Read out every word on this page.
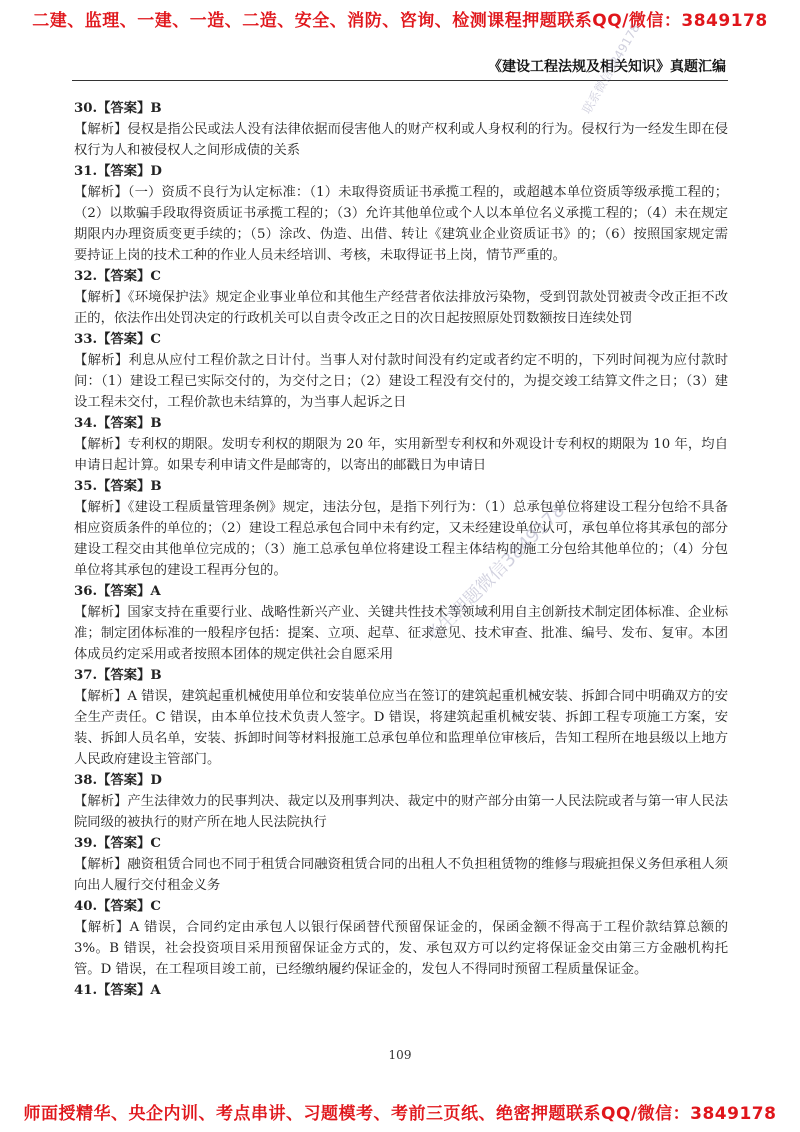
二建、监理、一建、一造、二造、安全、消防、咨询、检测课程押题联系QQ/微信：3849178
《建设工程法规及相关知识》真题汇编

30.【答案】B

【解析】侵权是指公民或法人没有法律依据而侵害他人的财产权利或人身权利的行为。侵权行为一经发生即在侵权行为人和被侵权人之间形成债的关系

31.【答案】D

【解析】（一）资质不良行为认定标准：（1）未取得资质证书承揽工程的，或超越本单位资质等级承揽工程的；（2）以欺骗手段取得资质证书承揽工程的；（3）允许其他单位或个人以本单位名义承揽工程的；（4）未在规定期限内办理资质变更手续的；（5）涂改、伪造、出借、转让《建筑业企业资质证书》的；（6）按照国家规定需要持证上岗的技术工种的作业人员未经培训、考核，未取得证书上岗，情节严重的。

32.【答案】C

【解析】《环境保护法》规定企业事业单位和其他生产经营者依法排放污染物，受到罚款处罚被责令改正拒不改正的，依法作出处罚决定的行政机关可以自责令改正之日的次日起按照原处罚数额按日连续处罚

33.【答案】C

【解析】利息从应付工程价款之日计付。当事人对付款时间没有约定或者约定不明的，下列时间视为应付款时间：（1）建设工程已实际交付的，为交付之日；（2）建设工程没有交付的，为提交竣工结算文件之日；（3）建设工程未交付，工程价款也未结算的，为当事人起诉之日

34.【答案】B

【解析】专利权的期限。发明专利权的期限为 20 年，实用新型专利权和外观设计专利权的期限为 10 年，均自申请日起计算。如果专利申请文件是邮寄的，以寄出的邮戳日为申请日

35.【答案】B

【解析】《建设工程质量管理条例》规定，违法分包，是指下列行为：（1）总承包单位将建设工程分包给不具备相应资质条件的单位的；（2）建设工程总承包合同中未有约定，又未经建设单位认可，承包单位将其承包的部分建设工程交由其他单位完成的；（3）施工总承包单位将建设工程主体结构的施工分包给其他单位的；（4）分包单位将其承包的建设工程再分包的。

36.【答案】A

【解析】国家支持在重要行业、战略性新兴产业、关键共性技术等领域利用自主创新技术制定团体标准、企业标准；制定团体标准的一般程序包括：提案、立项、起草、征求意见、技术审查、批准、编号、发布、复审。本团体成员约定采用或者按照本团体的规定供社会自愿采用

37.【答案】B

【解析】A 错误，建筑起重机械使用单位和安装单位应当在签订的建筑起重机械安装、拆卸合同中明确双方的安全生产责任。C 错误，由本单位技术负责人签字。D 错误，将建筑起重机械安装、拆卸工程专项施工方案，安装、拆卸人员名单，安装、拆卸时间等材料报施工总承包单位和监理单位审核后，告知工程所在地县级以上地方人民政府建设主管部门。

38.【答案】D

【解析】产生法律效力的民事判决、裁定以及刑事判决、裁定中的财产部分由第一人民法院或者与第一审人民法院同级的被执行的财产所在地人民法院执行

39.【答案】C

【解析】融资租赁合同也不同于租赁合同融资租赁合同的出租人不负担租赁物的维修与瑕疵担保义务但承租人须向出人履行交付租金义务

40.【答案】C

【解析】A 错误，合同约定由承包人以银行保函替代预留保证金的，保函金额不得高于工程价款结算总额的 3%。B 错误，社会投资项目采用预留保证金方式的，发、承包双方可以约定将保证金交由第三方金融机构托管。D 错误，在工程项目竣工前，已经缴纳履约保证金的，发包人不得同时预留工程质量保证金。

41.【答案】A

考生押题微信3849178
联系微信3849178
109
师面授精华、央企内训、考点串讲、习题模考、考前三页纸、绝密押题联系QQ/微信：3849178
